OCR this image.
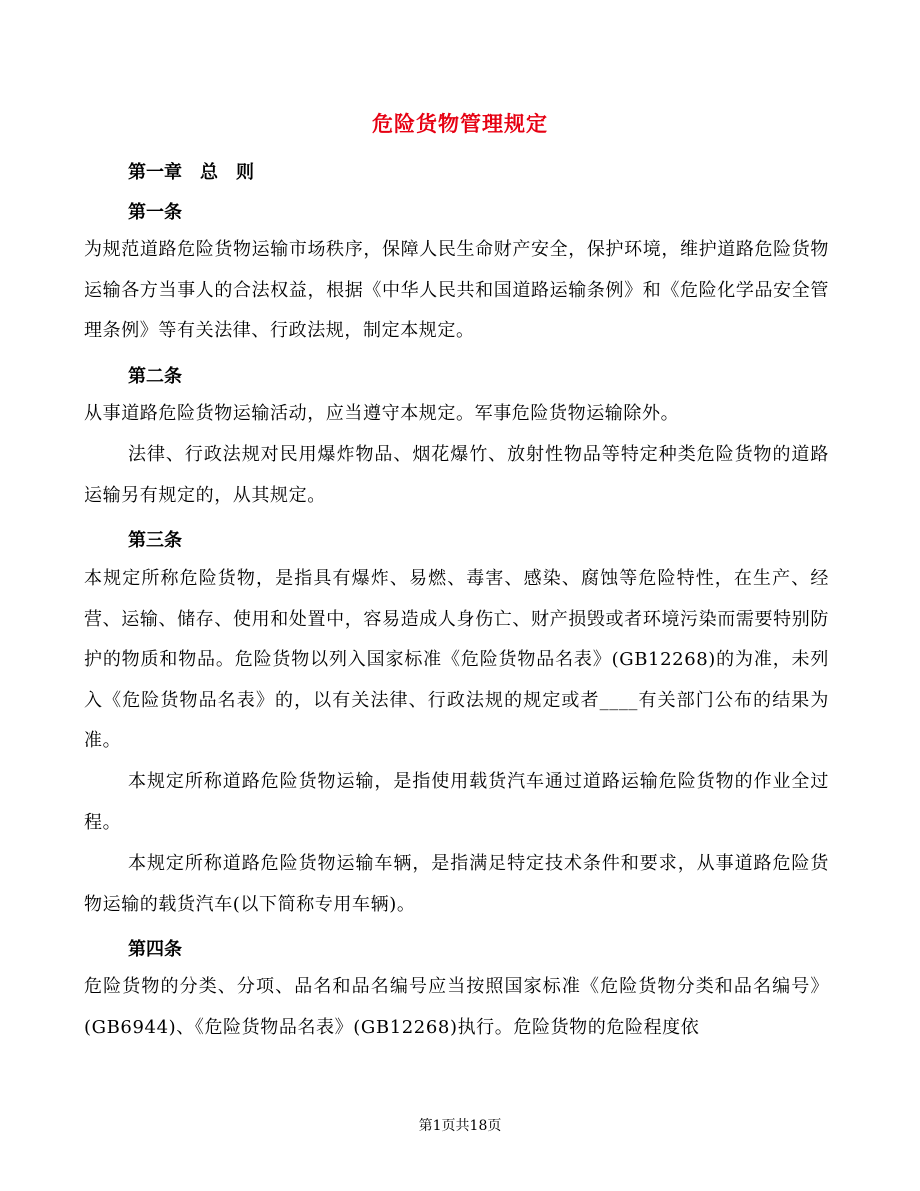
危险货物管理规定
第一章　总　则
第一条

为规范道路危险货物运输市场秩序，保障人民生命财产安全，保护环境，维护道路危险货物运输各方当事人的合法权益，根据《中华人民共和国道路运输条例》和《危险化学品安全管理条例》等有关法律、行政法规，制定本规定。

第二条

从事道路危险货物运输活动，应当遵守本规定。军事危险货物运输除外。

法律、行政法规对民用爆炸物品、烟花爆竹、放射性物品等特定种类危险货物的道路运输另有规定的，从其规定。

第三条

本规定所称危险货物，是指具有爆炸、易燃、毒害、感染、腐蚀等危险特性，在生产、经营、运输、储存、使用和处置中，容易造成人身伤亡、财产损毁或者环境污染而需要特别防护的物质和物品。危险货物以列入国家标准《危险货物品名表》(GB12268)的为准，未列入《危险货物品名表》的，以有关法律、行政法规的规定或者____有关部门公布的结果为准。

本规定所称道路危险货物运输，是指使用载货汽车通过道路运输危险货物的作业全过程。

本规定所称道路危险货物运输车辆，是指满足特定技术条件和要求，从事道路危险货物运输的载货汽车(以下简称专用车辆)。

第四条

危险货物的分类、分项、品名和品名编号应当按照国家标准《危险货物分类和品名编号》(GB6944)、《危险货物品名表》(GB12268)执行。危险货物的危险程度依

第1页共18页
